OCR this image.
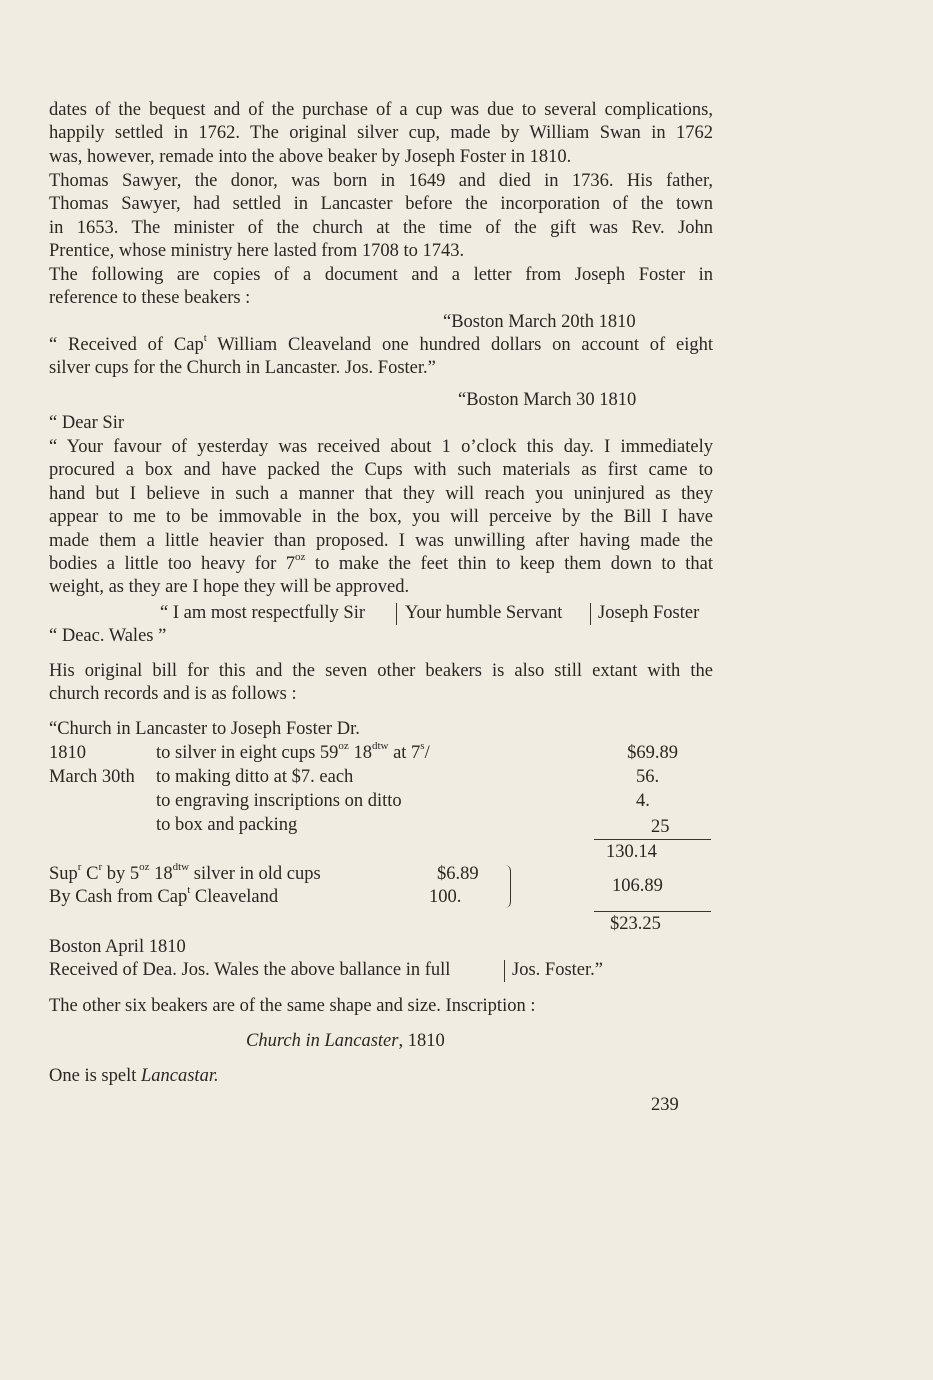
dates of the bequest and of the purchase of a cup was due to several complications,
happily settled in 1762. The original silver cup, made by William Swan in 1762
was, however, remade into the above beaker by Joseph Foster in 1810.
Thomas Sawyer, the donor, was born in 1649 and died in 1736. His father,
Thomas Sawyer, had settled in Lancaster before the incorporation of the town
in 1653. The minister of the church at the time of the gift was Rev. John
Prentice, whose ministry here lasted from 1708 to 1743.
The following are copies of a document and a letter from Joseph Foster in
reference to these beakers :
“Boston March 20th 1810
“ Received of Cap$^t$ William Cleaveland one hundred dollars on account of eight
silver cups for the Church in Lancaster. Jos. Foster.”
“Boston March 30 1810
“ Dear Sir
“ Your favour of yesterday was received about 1 o’clock this day. I immediately
procured a box and have packed the Cups with such materials as first came to
hand but I believe in such a manner that they will reach you uninjured as they
appear to me to be immovable in the box, you will perceive by the Bill I have
made them a little heavier than proposed. I was unwilling after having made the
bodies a little too heavy for $7^{oz}$ to make the feet thin to keep them down to that
weight, as they are I hope they will be approved.
“ I am most respectfully Sir Your humble Servant Joseph Foster
“ Deac. Wales ”
His original bill for this and the seven other beakers is also still extant with the
church records and is as follows :
“Church in Lancaster to Joseph Foster Dr.
1810	to silver in eight cups $59^{oz}$ $18^{dtw}$ at 7$^s$/	$69.89
March 30th to making ditto at $7. each	56.
to engraving inscriptions on ditto	4.
to box and packing	25
130.14
Sup$^r$ $C^r$ by $5^{oz}$ $18^{dtw}$ silver in old cups	$6.89
By Cash from Cap$^t$ Cleaveland	100.
106.89
$23.25
Boston April 1810
Received of Dea. Jos. Wales the above ballance in full	Jos. Foster.”
The other six beakers are of the same shape and size. Inscription :
Church in Lancaster, 1810
One is spelt Lancastar.
239
